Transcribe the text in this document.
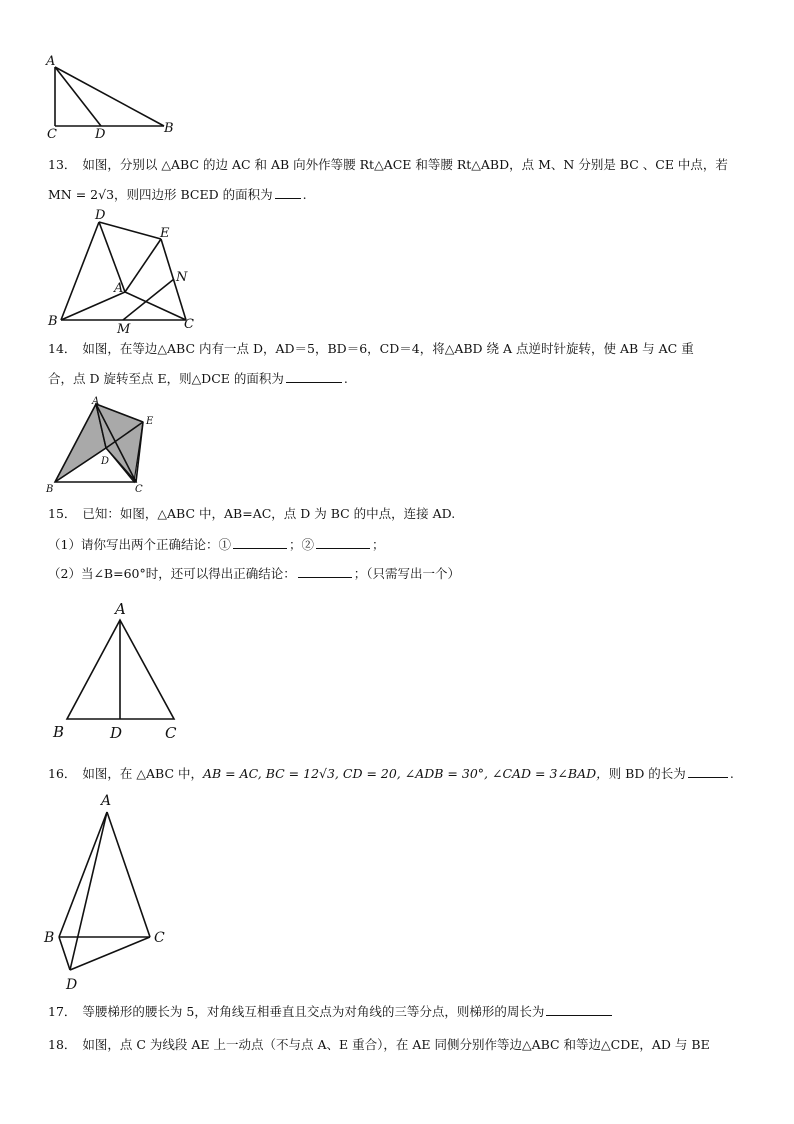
A
C	D	B
13． 如图，分别以 △ABC 的边 AC 和 AB 向外作等腰 Rt△ACE 和等腰 Rt△ABD，点 M、N 分别是 BC 、CE 中点，若
MN = 2√3，则四边形 BCED 的面积为 .
D
E
N
A
B
M	C
14． 如图，在等边△ABC 内有一点 D，AD＝5，BD＝6，CD＝4，将△ABD 绕 A 点逆时针旋转，使 AB 与 AC 重
合，点 D 旋转至点 E，则△DCE 的面积为	.
A
E
D
B	C
15． 已知：如图，△ABC 中，AB=AC，点 D 为 BC 的中点，连接 AD.
（1）请你写出两个正确结论：①	；②	；
（2）当∠B=60°时，还可以得出正确结论：	；（只需写出一个）
A
B	D	C
16． 如图，在 △ABC 中，AB = AC, BC = 12√3, CD = 20, ∠ADB = 30°, ∠CAD = 3∠BAD，则 BD 的长为	.
A
B	C
D
17． 等腰梯形的腰长为 5，对角线互相垂直且交点为对角线的三等分点，则梯形的周长为
18． 如图，点 C 为线段 AE 上一动点（不与点 A、E 重合），在 AE 同侧分别作等边△ABC 和等边△CDE，AD 与 BE
